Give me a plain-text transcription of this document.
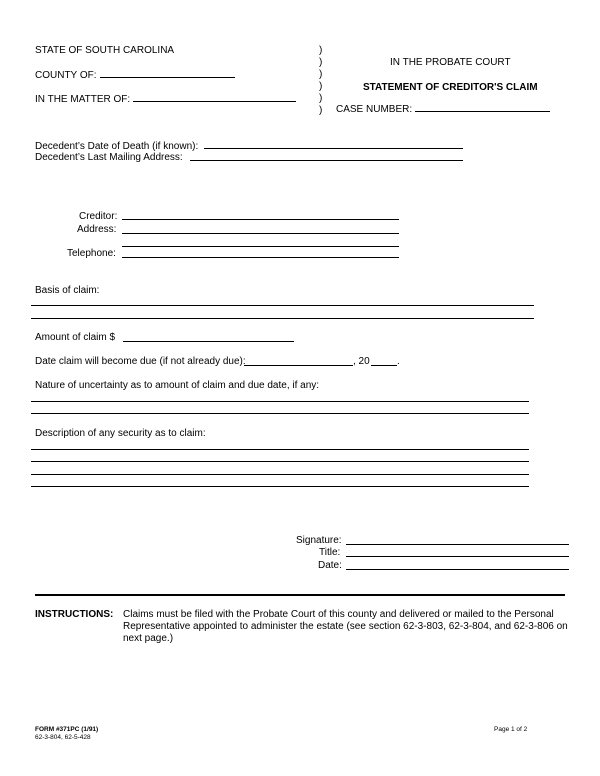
STATE OF SOUTH CAROLINA
COUNTY OF:
IN THE MATTER OF:
)
)
)
)
)
)
IN THE PROBATE COURT
STATEMENT OF CREDITOR'S CLAIM
CASE NUMBER:
Decedent’s Date of Death (if known):
Decedent’s Last Mailing Address:
Creditor:
Address:
Telephone:
Basis of claim:
Amount of claim $
Date claim will become due (if not already due):	, 20	.
Nature of uncertainty as to amount of claim and due date, if any:
Description of any security as to claim:
Signature:
Title:
Date:
INSTRUCTIONS: Claims must be filed with the Probate Court of this county and delivered or mailed to the Personal Representative appointed to administer the estate (see section 62-3-803, 62-3-804, and 62-3-806 on next page.)
FORM #371PC (1/91)
62-3-804, 62-5-428
Page 1 of 2
